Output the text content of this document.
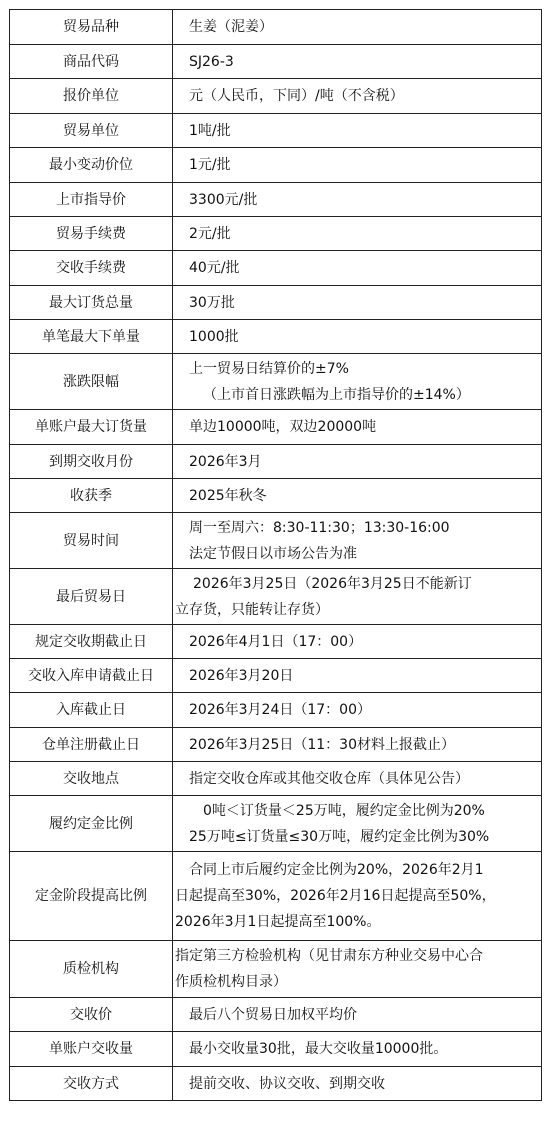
贸易品种	生姜（泥姜）

商品代码	SJ26-3

报价单位	元（人民币，下同）/吨（不含税）

贸易单位	1吨/批

最小变动价位	1元/批

上市指导价	3300元/批

贸易手续费	2元/批

交收手续费	40元/批

最大订货总量	30万批

单笔最大下单量	1000批

涨跌限幅	上一贸易日结算价的±7%
（上市首日涨跌幅为上市指导价的±14%）

单账户最大订货量	单边10000吨，双边20000吨

到期交收月份	2026年3月

收获季	2025年秋冬

贸易时间	周一至周六：8:30-11:30；13:30-16:00
法定节假日以市场公告为准

最后贸易日	2026年3月25日（2026年3月25日不能新订
立存货，只能转让存货）

规定交收期截止日	2026年4月1日（17：00）

交收入库申请截止日	2026年3月20日

入库截止日	2026年3月24日（17：00）

仓单注册截止日	2026年3月25日（11：30材料上报截止）

交收地点	指定交收仓库或其他交收仓库（具体见公告）

履约定金比例	0吨＜订货量＜25万吨，履约定金比例为20%
25万吨≤订货量≤30万吨，履约定金比例为30%

定金阶段提高比例	合同上市后履约定金比例为20%，2026年2月1
日起提高至30%，2026年2月16日起提高至50%，
2026年3月1日起提高至100%。

质检机构	指定第三方检验机构（见甘肃东方种业交易中心合
作质检机构目录）

交收价	最后八个贸易日加权平均价

单账户交收量	最小交收量30批，最大交收量10000批。

交收方式	提前交收、协议交收、到期交收
